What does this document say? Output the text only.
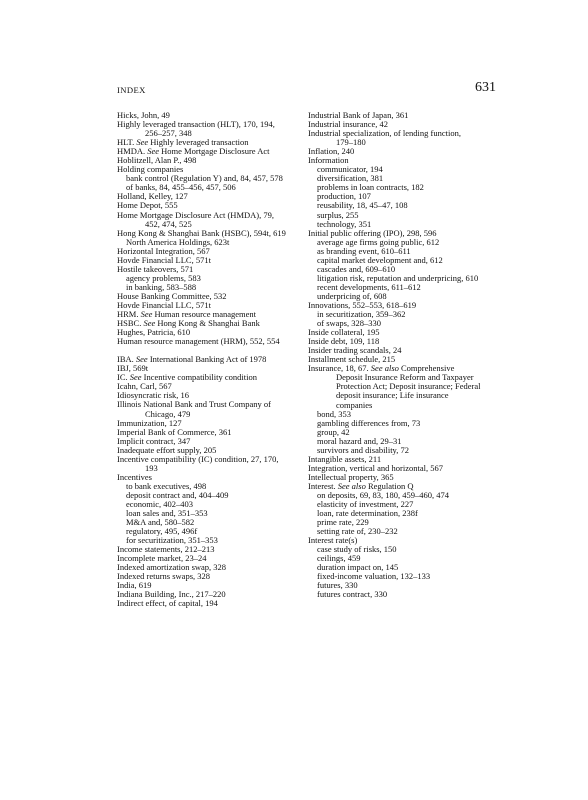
INDEX	631
Hicks, John, 49
Highly leveraged transaction (HLT), 170, 194,
256–257, 348
HLT. See Highly leveraged transaction
HMDA. See Home Mortgage Disclosure Act
Hoblitzell, Alan P., 498
Holding companies
bank control (Regulation Y) and, 84, 457, 578
of banks, 84, 455–456, 457, 506
Holland, Kelley, 127
Home Depot, 555
Home Mortgage Disclosure Act (HMDA), 79,
452, 474, 525
Hong Kong & Shanghai Bank (HSBC), 594t, 619
North America Holdings, 623t
Horizontal Integration, 567
Hovde Financial LLC, 571t
Hostile takeovers, 571
agency problems, 583
in banking, 583–588
House Banking Committee, 532
Hovde Financial LLC, 571t
HRM. See Human resource management
HSBC. See Hong Kong & Shanghai Bank
Hughes, Patricia, 610
Human resource management (HRM), 552, 554
IBA. See International Banking Act of 1978
IBJ, 569t
IC. See Incentive compatibility condition
Icahn, Carl, 567
Idiosyncratic risk, 16
Illinois National Bank and Trust Company of
Chicago, 479
Immunization, 127
Imperial Bank of Commerce, 361
Implicit contract, 347
Inadequate effort supply, 205
Incentive compatibility (IC) condition, 27, 170,
193
Incentives
to bank executives, 498
deposit contract and, 404–409
economic, 402–403
loan sales and, 351–353
M&A and, 580–582
regulatory, 495, 496f
for securitization, 351–353
Income statements, 212–213
Incomplete market, 23–24
Indexed amortization swap, 328
Indexed returns swaps, 328
India, 619
Indiana Building, Inc., 217–220
Indirect effect, of capital, 194
Industrial Bank of Japan, 361
Industrial insurance, 42
Industrial specialization, of lending function,
179–180
Inflation, 240
Information
communicator, 194
diversification, 381
problems in loan contracts, 182
production, 107
reusability, 18, 45–47, 108
surplus, 255
technology, 351
Initial public offering (IPO), 298, 596
average age firms going public, 612
as branding event, 610–611
capital market development and, 612
cascades and, 609–610
litigation risk, reputation and underpricing, 610
recent developments, 611–612
underpricing of, 608
Innovations, 552–553, 618–619
in securitization, 359–362
of swaps, 328–330
Inside collateral, 195
Inside debt, 109, 118
Insider trading scandals, 24
Installment schedule, 215
Insurance, 18, 67. See also Comprehensive
Deposit Insurance Reform and Taxpayer
Protection Act; Deposit insurance; Federal
deposit insurance; Life insurance
companies
bond, 353
gambling differences from, 73
group, 42
moral hazard and, 29–31
survivors and disability, 72
Intangible assets, 211
Integration, vertical and horizontal, 567
Intellectual property, 365
Interest. See also Regulation Q
on deposits, 69, 83, 180, 459–460, 474
elasticity of investment, 227
loan, rate determination, 238f
prime rate, 229
setting rate of, 230–232
Interest rate(s)
case study of risks, 150
ceilings, 459
duration impact on, 145
fixed-income valuation, 132–133
futures, 330
futures contract, 330
